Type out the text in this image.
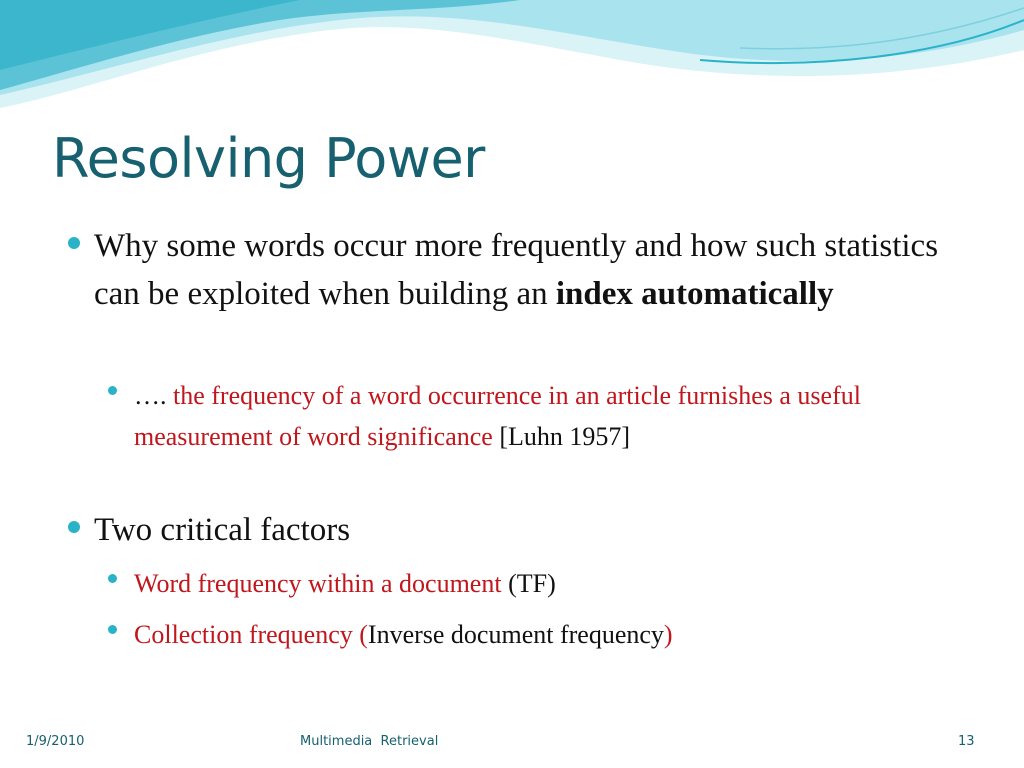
Resolving Power
Why some words occur more frequently and how such statistics can be exploited when building an index automatically
…. the frequency of a word occurrence in an article furnishes a useful measurement of word significance [Luhn 1957]
Two critical factors
Word frequency within a document (TF)
Collection frequency (Inverse document frequency)
1/9/2010	Multimedia  Retrieval	13
